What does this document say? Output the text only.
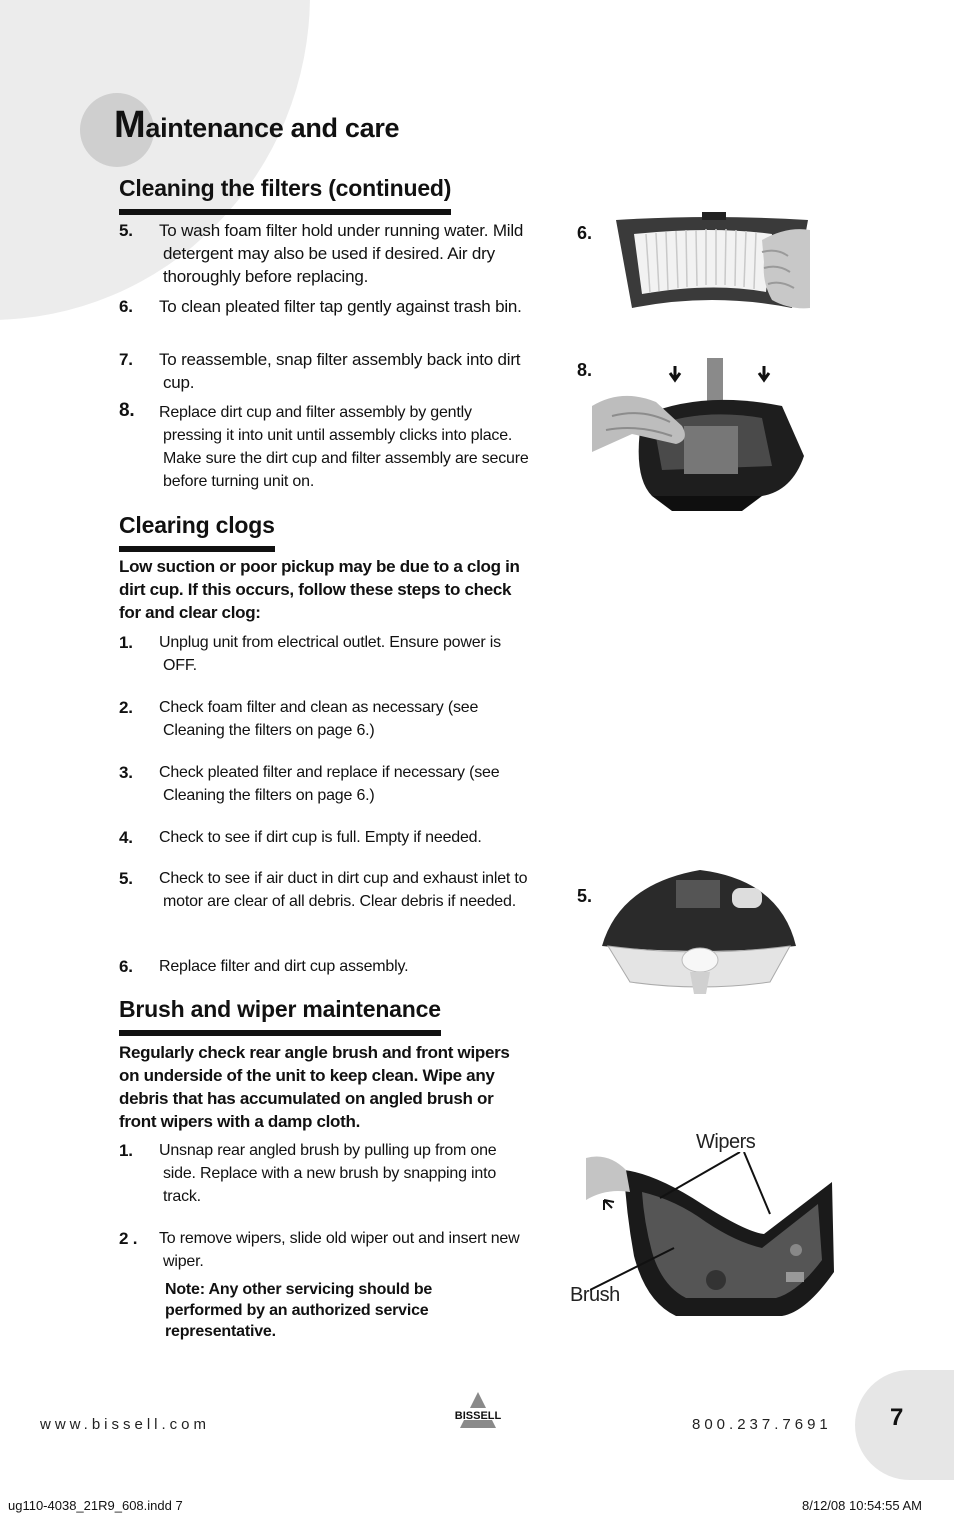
Maintenance and care
Cleaning the filters (continued)
5.	To wash foam filter hold under running water. Mild detergent may also be used if desired. Air dry thoroughly before replacing.
6.	To clean pleated filter tap gently against trash bin.
7.	To reassemble, snap filter assembly back into dirt cup.
8.	Replace dirt cup and filter assembly by gently pressing it into unit until assembly clicks into place. Make sure the dirt cup and filter assembly are secure before turning unit on.
Clearing clogs

Low suction or poor pickup may be due to a clog in dirt cup. If this occurs, follow these steps to check for and clear clog:

1.	Unplug unit from electrical outlet. Ensure power is OFF.
2.	Check foam filter and clean as necessary (see Cleaning the filters on page 6.)
3.	Check pleated filter and replace if necessary (see Cleaning the filters on page 6.)
4.	Check to see if dirt cup is full. Empty if needed.
5.	Check to see if air duct in dirt cup and exhaust inlet to motor are clear of all debris. Clear debris if needed.
6.	Replace filter and dirt cup assembly.
Brush and wiper maintenance

Regularly check rear angle brush and front wipers on underside of the unit to keep clean. Wipe any debris that has accumulated on angled brush or front wipers with a damp cloth.

1.	Unsnap rear angled brush by pulling up from one side. Replace with a new brush by snapping into track.
2 .	To remove wipers, slide old wiper out and insert new wiper.

Note: Any other servicing should be performed by an authorized service representative.

6.
8.
5.
Wipers
Brush
www.bissell.com	BISSELL	800.237.7691 7
ug110-4038_21R9_608.indd 7	8/12/08 10:54:55 AM
